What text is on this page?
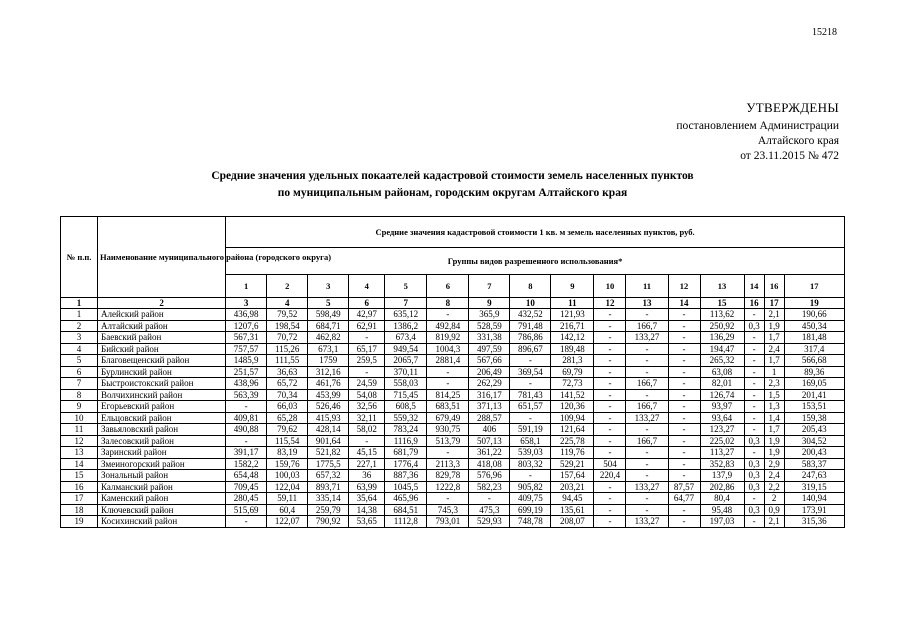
15218
УТВЕРЖДЕНЫ
постановлением Администрации
Алтайского края
от 23.11.2015 № 472
Средние значения удельных покаателей кадастровой стоимости земель населенных пунктов
по муниципальным районам, городским округам Алтайского края
№ п.п.	Наименование муниципального района (городского округа)	Средние значения кадастровой стоимости 1 кв. м земель населенных пунктов, руб.															
		Группы видов разрешенного использования*															
		1	2	3	4	5	6	7	8	9	10	11	12	13	14	16	17
1	2	3	4	5	6	7	8	9	10	11	12	13	14	15	16	17	19
1	Алейский район	436,98	79,52	598,49	42,97	635,12	-	365,9	432,52	121,93	-	-	-	113,62	-	2,1	190,66
2	Алтайский район	1207,6	198,54	684,71	62,91	1386,2	492,84	528,59	791,48	216,71	-	166,7	-	250,92	0,3	1,9	450,34
3	Баевский район	567,31	70,72	462,82	-	673,4	819,92	331,38	786,86	142,12	-	133,27	-	136,29	-	1,7	181,48
4	Бийский район	757,57	115,26	673,1	65,17	949,54	1004,3	497,59	896,67	189,48	-	-	-	194,47	-	2,4	317,4
5	Благовещенский район	1485,9	111,55	1759	259,5	2065,7	2881,4	567,66	-	281,3	-	-	-	265,32	-	1,7	566,68
6	Бурлинский район	251,57	36,63	312,16	-	370,11	-	206,49	369,54	69,79	-	-	-	63,08	-	1	89,36
7	Быстроистокский район	438,96	65,72	461,76	24,59	558,03	-	262,29	-	72,73	-	166,7	-	82,01	-	2,3	169,05
8	Волчихинский район	563,39	70,34	453,99	54,08	715,45	814,25	316,17	781,43	141,52	-	-	-	126,74	-	1,5	201,41
9	Егорьевский район	-	66,03	526,46	32,56	608,5	683,51	371,13	651,57	120,36	-	166,7	-	93,97	-	1,3	153,51
10	Ельцовский район	409,81	65,28	415,93	32,11	559,32	679,49	288,57	-	109,94	-	133,27	-	93,64	-	1,4	159,38
11	Завьяловский район	490,88	79,62	428,14	58,02	783,24	930,75	406	591,19	121,64	-	-	-	123,27	-	1,7	205,43
12	Залесовский район	-	115,54	901,64	-	1116,9	513,79	507,13	658,1	225,78	-	166,7	-	225,02	0,3	1,9	304,52
13	Заринский район	391,17	83,19	521,82	45,15	681,79	-	361,22	539,03	119,76	-	-	-	113,27	-	1,9	200,43
14	Змеиногорский район	1582,2	159,76	1775,5	227,1	1776,4	2113,3	418,08	803,32	529,21	504	-	-	352,83	0,3	2,9	583,37
15	Зональный район	654,48	100,03	657,32	36	887,36	829,78	576,96	-	157,64	220,4	-	-	137,9	0,3	2,4	247,63
16	Калманский район	709,45	122,04	893,71	63,99	1045,5	1222,8	582,23	905,82	203,21	-	133,27	87,57	202,86	0,3	2,2	319,15
17	Каменский район	280,45	59,11	335,14	35,64	465,96	-	-	409,75	94,45	-	-	64,77	80,4	-	2	140,94
18	Ключевский район	515,69	60,4	259,79	14,38	684,51	745,3	475,3	699,19	135,61	-	-	-	95,48	0,3	0,9	173,91
19	Косихинский район	-	122,07	790,92	53,65	1112,8	793,01	529,93	748,78	208,07	-	133,27	-	197,03	-	2,1	315,36
